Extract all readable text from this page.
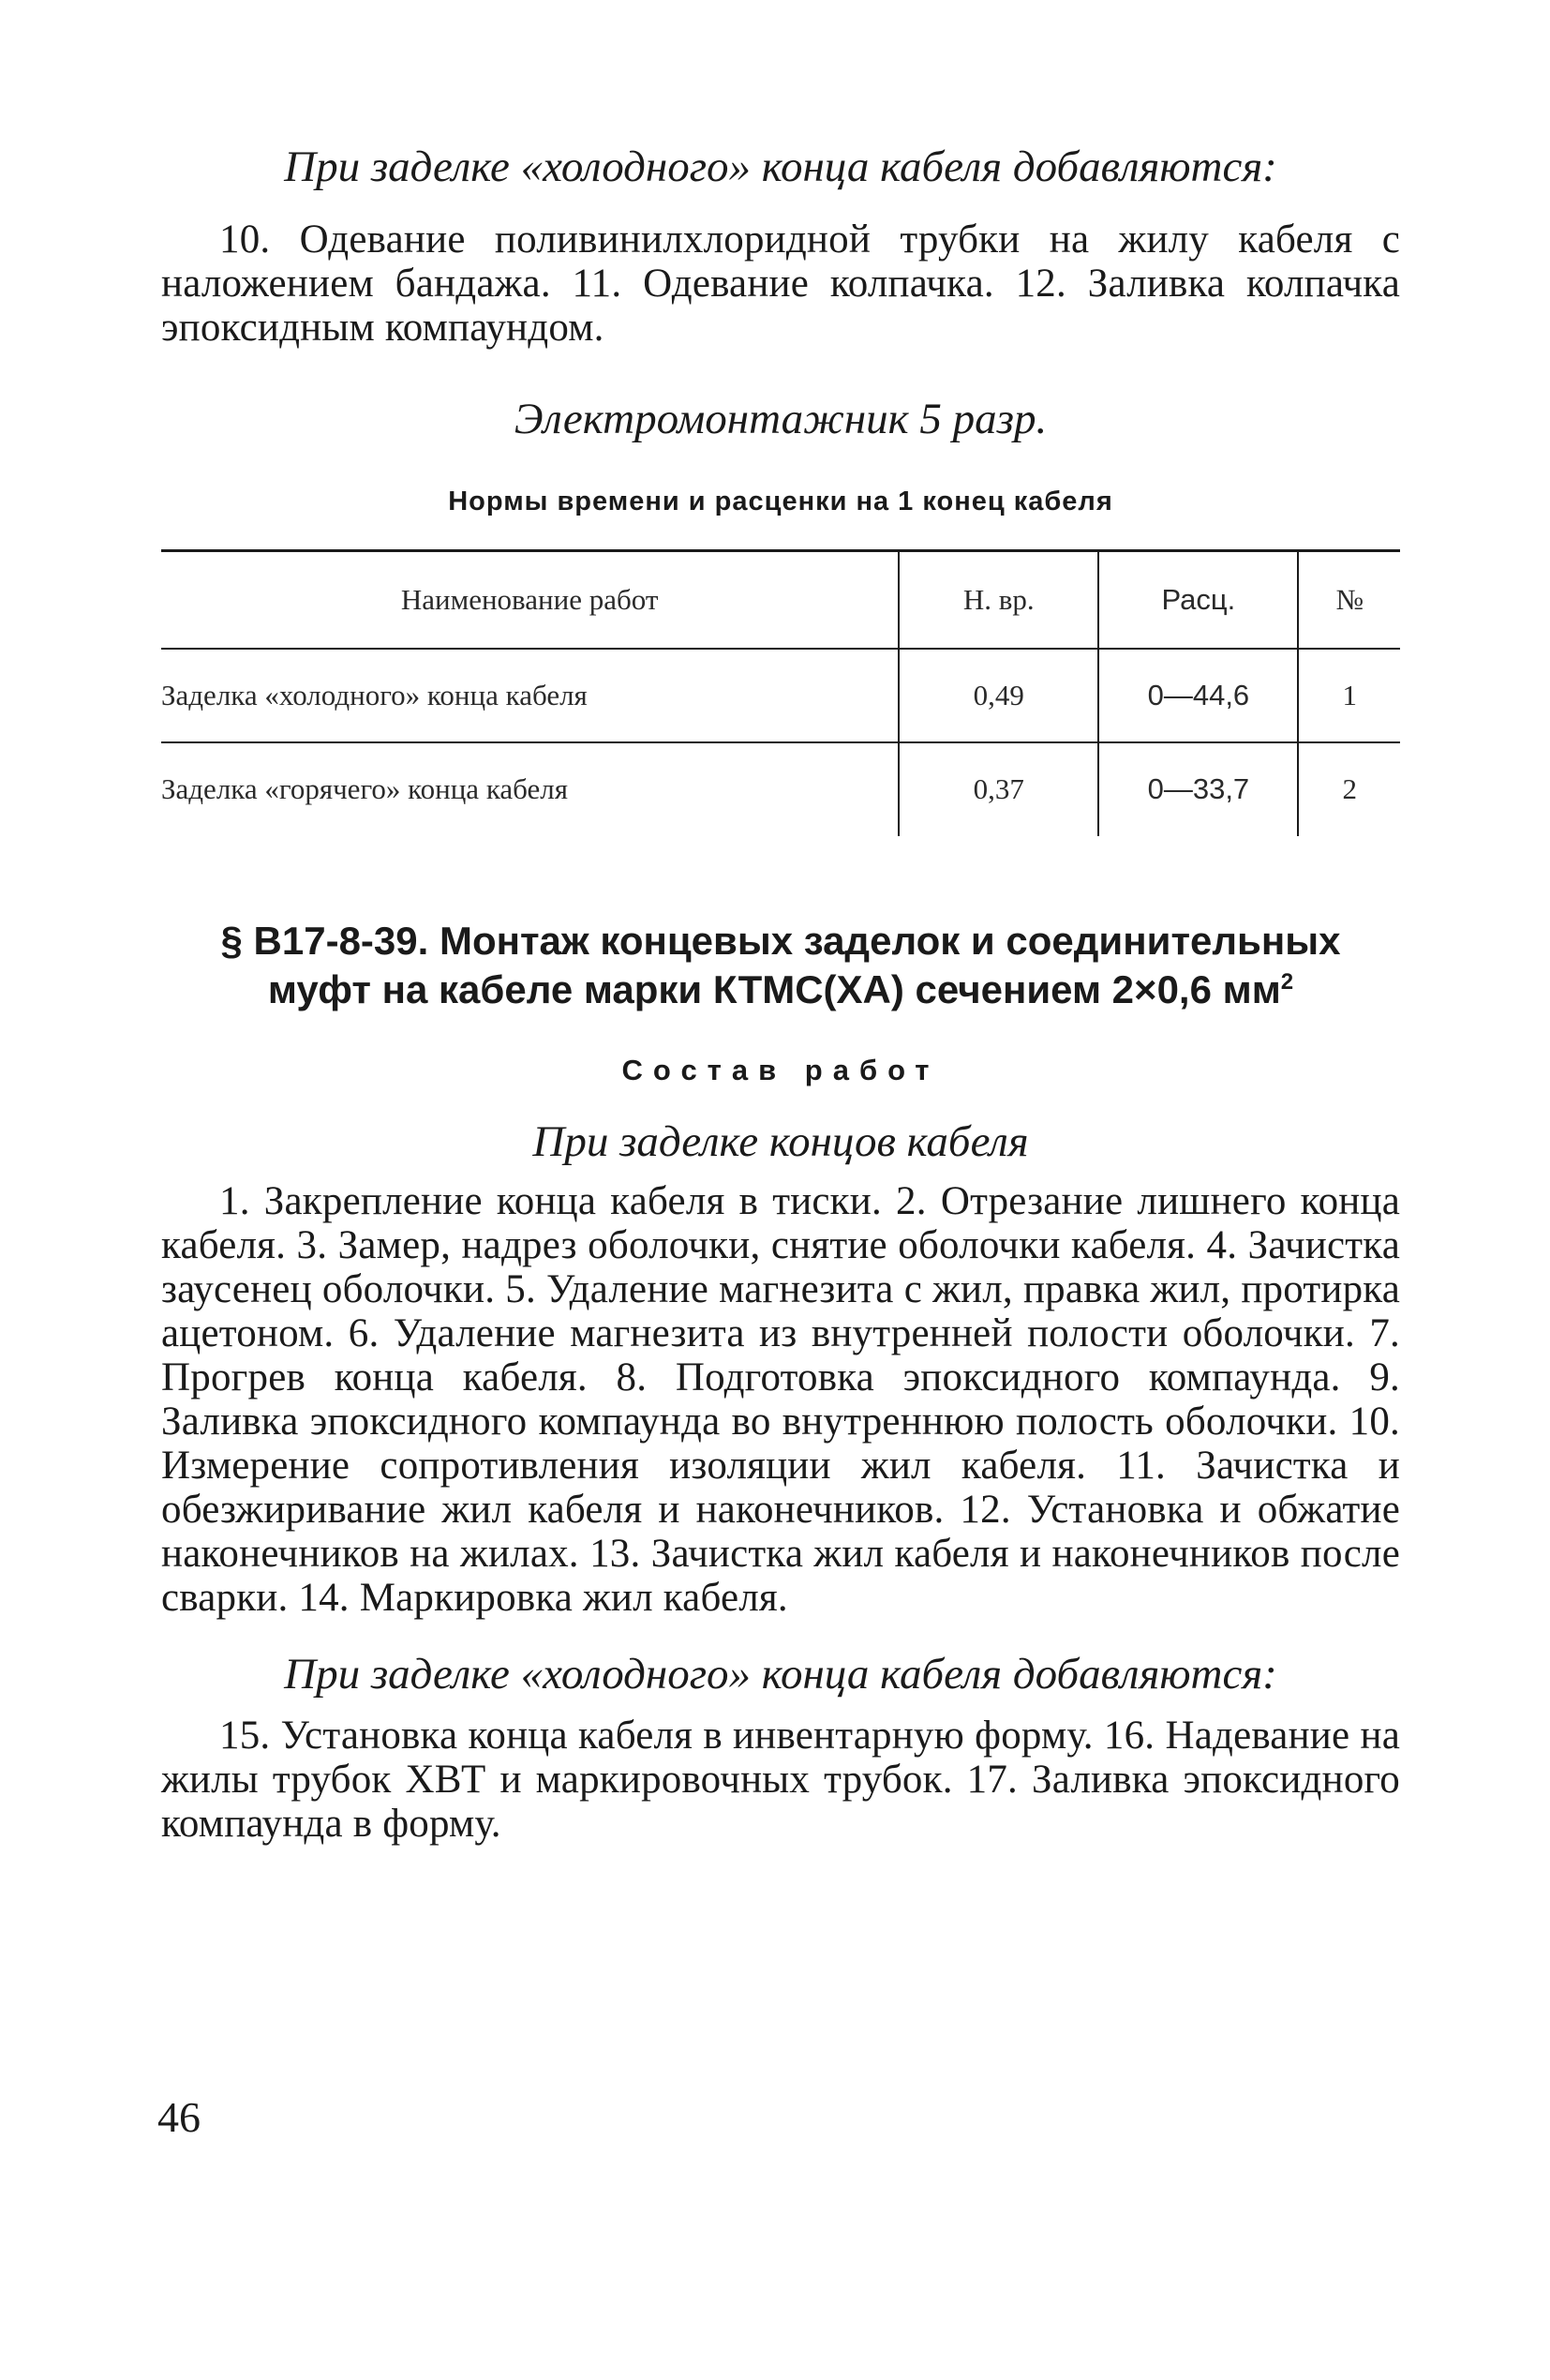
При заделке «холодного» конца кабеля добавляются:

10. Одевание поливинилхлоридной трубки на жилу кабеля с наложением бандажа. 11. Одевание колпачка. 12. Заливка колпачка эпоксидным компаундом.

Электромонтажник 5 разр.

Нормы времени и расценки на 1 конец кабеля

Наименование работ	Н. вр.	Расц.	№
Заделка «холодного» конца кабеля	0,49	0—44,6	1
Заделка «горячего» конца кабеля	0,37	0—33,7	2

§ В17-8-39. Монтаж концевых заделок и соединительных

муфт на кабеле марки КТМС(ХА) сечением 2×0,6 $мм^2$

Состав работ

При заделке концов кабеля

1. Закрепление конца кабеля в тиски. 2. Отрезание лишнего конца кабеля. 3. Замер, надрез оболочки, снятие оболочки кабеля. 4. Зачистка заусенец оболочки. 5. Удаление магнезита с жил, правка жил, протирка ацетоном. 6. Удаление магнезита из внутренней полости оболочки. 7. Прогрев конца кабеля. 8. Подготовка эпоксидного компаунда. 9. Заливка эпоксидного компаунда во внутреннюю полость оболочки. 10. Измерение сопротивления изоляции жил кабеля. 11. Зачистка и обезжиривание жил кабеля и наконечников. 12. Установка и обжатие наконечников на жилах. 13. Зачистка жил кабеля и наконечников после сварки. 14. Маркировка жил кабеля.

При заделке «холодного» конца кабеля добавляются:

15. Установка конца кабеля в инвентарную форму. 16. Надевание на жилы трубок ХВТ и маркировочных трубок. 17. Заливка эпоксидного компаунда в форму.

46
